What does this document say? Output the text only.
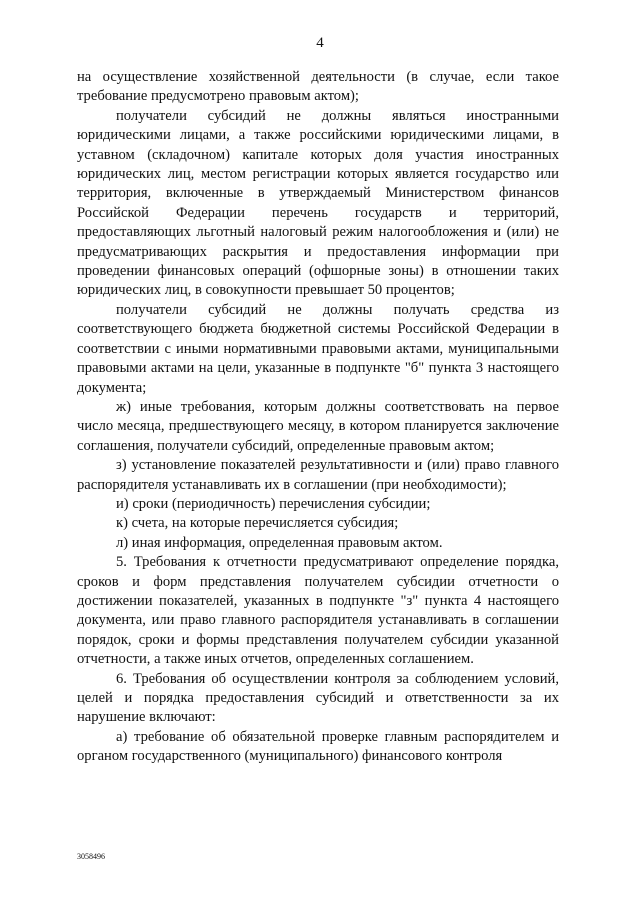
4

на осуществление хозяйственной деятельности (в случае, если такое требование предусмотрено правовым актом);

получатели субсидий не должны являться иностранными юридическими лицами, а также российскими юридическими лицами, в уставном (складочном) капитале которых доля участия иностранных юридических лиц, местом регистрации которых является государство или территория, включенные в утверждаемый Министерством финансов Российской Федерации перечень государств и территорий, предоставляющих льготный налоговый режим налогообложения и (или) не предусматривающих раскрытия и предоставления информации при проведении финансовых операций (офшорные зоны) в отношении таких юридических лиц, в совокупности превышает 50 процентов;

получатели субсидий не должны получать средства из соответствующего бюджета бюджетной системы Российской Федерации в соответствии с иными нормативными правовыми актами, муниципальными правовыми актами на цели, указанные в подпункте "б" пункта 3 настоящего документа;

ж) иные требования, которым должны соответствовать на первое число месяца, предшествующего месяцу, в котором планируется заключение соглашения, получатели субсидий, определенные правовым актом;

з) установление показателей результативности и (или) право главного распорядителя устанавливать их в соглашении (при необходимости);

и) сроки (периодичность) перечисления субсидии;

к) счета, на которые перечисляется субсидия;

л) иная информация, определенная правовым актом.

5. Требования к отчетности предусматривают определение порядка, сроков и форм представления получателем субсидии отчетности о достижении показателей, указанных в подпункте "з" пункта 4 настоящего документа, или право главного распорядителя устанавливать в соглашении порядок, сроки и формы представления получателем субсидии указанной отчетности, а также иных отчетов, определенных соглашением.

6. Требования об осуществлении контроля за соблюдением условий, целей и порядка предоставления субсидий и ответственности за их нарушение включают:

а) требование об обязательной проверке главным распорядителем и органом государственного (муниципального) финансового контроля

3058496
